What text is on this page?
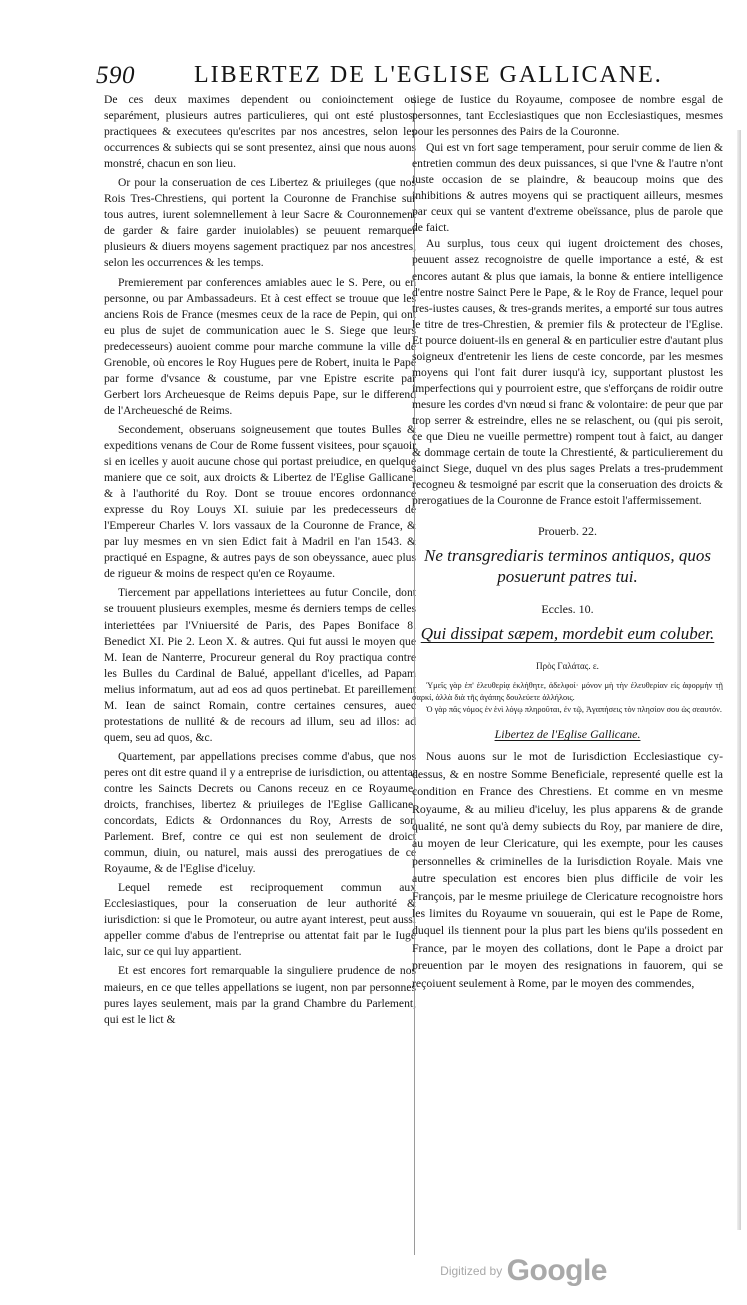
590 LIBERTEZ DE L'EGLISE GALLICANE.

De ces deux maximes dependent ou conioinctement ou separément, plusieurs autres particulieres, qui ont esté plustost practiquees & executees qu'escrites par nos ancestres, selon les occurrences & subiects qui se sont presentez, ainsi que nous auons monstré, chacun en son lieu.

Or pour la conseruation de ces Libertez & priuileges (que nos Rois Tres-Chrestiens, qui portent la Couronne de Franchise sur tous autres, iurent solemnellement à leur Sacre & Couronnement de garder & faire garder inuiolables) se peuuent remarquer plusieurs & diuers moyens sagement practiquez par nos ancestres, selon les occurrences & les temps.

Premierement par conferences amiables auec le S. Pere, ou en personne, ou par Ambassadeurs. Et à cest effect se trouue que les anciens Rois de France (mesmes ceux de la race de Pepin, qui ont eu plus de sujet de communication auec le S. Siege que leurs predecesseurs) auoient comme pour marche commune la ville de Grenoble, où encores le Roy Hugues pere de Robert, inuita le Pape par forme d'vsance & coustume, par vne Epistre escrite par Gerbert lors Archeuesque de Reims depuis Pape, sur le differend de l'Archeuesché de Reims.

Secondement, obseruans soigneusement que toutes Bulles & expeditions venans de Cour de Rome fussent visitees, pour sçauoir si en icelles y auoit aucune chose qui portast preiudice, en quelque maniere que ce soit, aux droicts & Libertez de l'Eglise Gallicane, & à l'authorité du Roy. Dont se trouue encores ordonnance expresse du Roy Louys XI. suiuie par les predecesseurs de l'Empereur Charles V. lors vassaux de la Couronne de France, & par luy mesmes en vn sien Edict fait à Madril en l'an 1543. & practiqué en Espagne, & autres pays de son obeyssance, auec plus de rigueur & moins de respect qu'en ce Royaume.

Tiercement par appellations interiettees au futur Concile, dont se trouuent plusieurs exemples, mesme és derniers temps de celles interiettées par l'Vniuersité de Paris, des Papes Boniface 8. Benedict XI. Pie 2. Leon X. & autres. Qui fut aussi le moyen que M. Iean de Nanterre, Procureur general du Roy practiqua contre les Bulles du Cardinal de Balué, appellant d'icelles, ad Papam melius informatum, aut ad eos ad quos pertinebat. Et pareillement M. Iean de sainct Romain, contre certaines censures, auec protestations de nullité & de recours ad illum, seu ad illos: ad quem, seu ad quos, &c.

Quartement, par appellations precises comme d'abus, que nos peres ont dit estre quand il y a entreprise de iurisdiction, ou attentat contre les Saincts Decrets ou Canons receuz en ce Royaume, droicts, franchises, libertez & priuileges de l'Eglise Gallicane, concordats, Edicts & Ordonnances du Roy, Arrests de son Parlement. Bref, contre ce qui est non seulement de droict commun, diuin, ou naturel, mais aussi des prerogatiues de ce Royaume, & de l'Eglise d'iceluy.

Lequel remede est reciproquement commun aux Ecclesiastiques, pour la conseruation de leur authorité & iurisdiction: si que le Promoteur, ou autre ayant interest, peut aussi appeller comme d'abus de l'entreprise ou attentat fait par le Iuge laic, sur ce qui luy appartient.

Et est encores fort remarquable la singuliere prudence de nos maieurs, en ce que telles appellations se iugent, non par personnes pures layes seulement, mais par la grand Chambre du Parlement, qui est le lict &

siege de Iustice du Royaume, composee de nombre esgal de personnes, tant Ecclesiastiques que non Ecclesiastiques, mesmes pour les personnes des Pairs de la Couronne.

Qui est vn fort sage temperament, pour seruir comme de lien & entretien commun des deux puissances, si que l'vne & l'autre n'ont iuste occasion de se plaindre, & beaucoup moins que des inhibitions & autres moyens qui se practiquent ailleurs, mesmes par ceux qui se vantent d'extreme obeïssance, plus de parole que de faict.

Au surplus, tous ceux qui iugent droictement des choses, peuuent assez recognoistre de quelle importance a esté, & est encores autant & plus que iamais, la bonne & entiere intelligence d'entre nostre Sainct Pere le Pape, & le Roy de France, lequel pour tres-iustes causes, & tres-grands merites, a emporté sur tous autres le titre de tres-Chrestien, & premier fils & protecteur de l'Eglise. Et pource doiuent-ils en general & en particulier estre d'autant plus soigneux d'entretenir les liens de ceste concorde, par les mesmes moyens qui l'ont fait durer iusqu'à icy, supportant plustost les imperfections qui y pourroient estre, que s'efforçans de roidir outre mesure les cordes d'vn nœud si franc & volontaire: de peur que par trop serrer & estreindre, elles ne se relaschent, ou (qui pis seroit, ce que Dieu ne vueille permettre) rompent tout à faict, au danger & dommage certain de toute la Chrestienté, & particulierement du sainct Siege, duquel vn des plus sages Prelats a tres-prudemment recogneu & tesmoigné par escrit que la conseruation des droicts & prerogatiues de la Couronne de France estoit l'affermissement.

Prouerb. 22.
Ne transgrediaris terminos antiquos, quos posuerunt patres tui.
Eccles. 10.
Qui dissipat sæpem, mordebit eum coluber.
Πρὸς Γαλάτας. ε.

Ὑμεῖς γὰρ ἐπ' ἐλευθερίᾳ ἐκλήθητε, ἀδελφοί· μόνον μὴ τὴν ἐλευθερίαν εἰς ἀφορμὴν τῇ σαρκί, ἀλλὰ διὰ τῆς ἀγάπης δουλεύετε ἀλλήλοις.

Ὁ γὰρ πᾶς νόμος ἐν ἑνὶ λόγῳ πληροῦται, ἐν τῷ, Ἀγαπήσεις τὸν πλησίον σου ὡς σεαυτόν.

Libertez de l'Eglise Gallicane.

Nous auons sur le mot de Iurisdiction Ecclesiastique cy-dessus, & en nostre Somme Beneficiale, representé quelle est la condition en France des Chrestiens. Et comme en vn mesme Royaume, & au milieu d'iceluy, les plus apparens & de grande qualité, ne sont qu'à demy subiects du Roy, par maniere de dire, au moyen de leur Clericature, qui les exempte, pour les causes personnelles & criminelles de la Iurisdiction Royale. Mais vne autre speculation est encores bien plus difficile de voir les François, par le mesme priuilege de Clericature recognoistre hors les limites du Royaume vn souuerain, qui est le Pape de Rome, duquel ils tiennent pour la plus part les biens qu'ils possedent en France, par le moyen des collations, dont le Pape a droict par preuention par le moyen des resignations in fauorem, qui se reçoiuent seulement à Rome, par le moyen des commendes,

Digitized by Google
